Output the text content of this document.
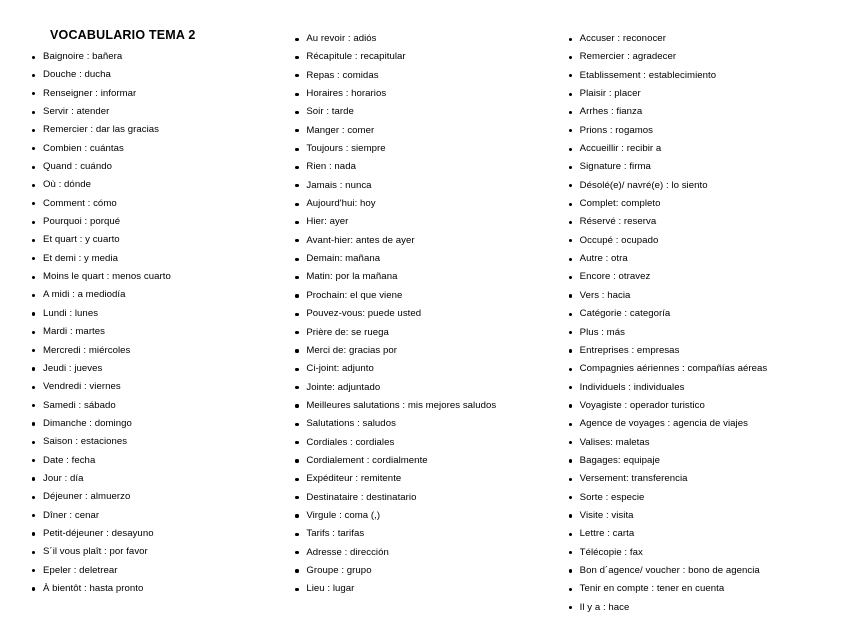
VOCABULARIO TEMA 2
Baignoire : bañera
Douche : ducha
Renseigner : informar
Servir : atender
Remercier : dar las gracias
Combien : cuántas
Quand : cuándo
Où : dónde
Comment : cómo
Pourquoi : porqué
Et quart : y cuarto
Et demi : y media
Moins le quart : menos cuarto
A midi : a mediodía
Lundi : lunes
Mardi : martes
Mercredi : miércoles
Jeudi : jueves
Vendredi : viernes
Samedi : sábado
Dimanche : domingo
Saison : estaciones
Date : fecha
Jour : día
Déjeuner : almuerzo
Dîner : cenar
Petit-déjeuner : desayuno
S´il vous plaît : por favor
Epeler : deletrear
À bientôt : hasta pronto
Au revoir : adiós
Récapitule : recapitular
Repas : comidas
Horaires : horarios
Soir : tarde
Manger : comer
Toujours : siempre
Rien : nada
Jamais : nunca
Aujourd'hui: hoy
Hier: ayer
Avant-hier: antes de ayer
Demain: mañana
Matin: por la mañana
Prochain: el que viene
Pouvez-vous: puede usted
Prière de: se ruega
Merci de: gracias por
Ci-joint: adjunto
Jointe: adjuntado
Meilleures salutations : mis mejores saludos
Salutations : saludos
Cordiales : cordiales
Cordialement : cordialmente
Expéditeur : remitente
Destinataire : destinatario
Virgule : coma (,)
Tarifs : tarifas
Adresse : dirección
Groupe : grupo
Lieu : lugar
Accuser : reconocer
Remercier : agradecer
Etablissement : establecimiento
Plaisir : placer
Arrhes : fianza
Prions : rogamos
Accueillir : recibir a
Signature : firma
Désolé(e)/ navré(e) : lo siento
Complet: completo
Réservé : reserva
Occupé : ocupado
Autre : otra
Encore : otravez
Vers : hacia
Catégorie : categoría
Plus : más
Entreprises : empresas
Compagnies aériennes : compañías aéreas
Individuels : individuales
Voyagiste : operador turistico
Agence de voyages : agencia de viajes
Valises: maletas
Bagages: equipaje
Versement: transferencia
Sorte : especie
Visite : visita
Lettre : carta
Télécopie : fax
Bon d´agence/ voucher : bono de agencia
Tenir en compte : tener en cuenta
Il y a : hace
